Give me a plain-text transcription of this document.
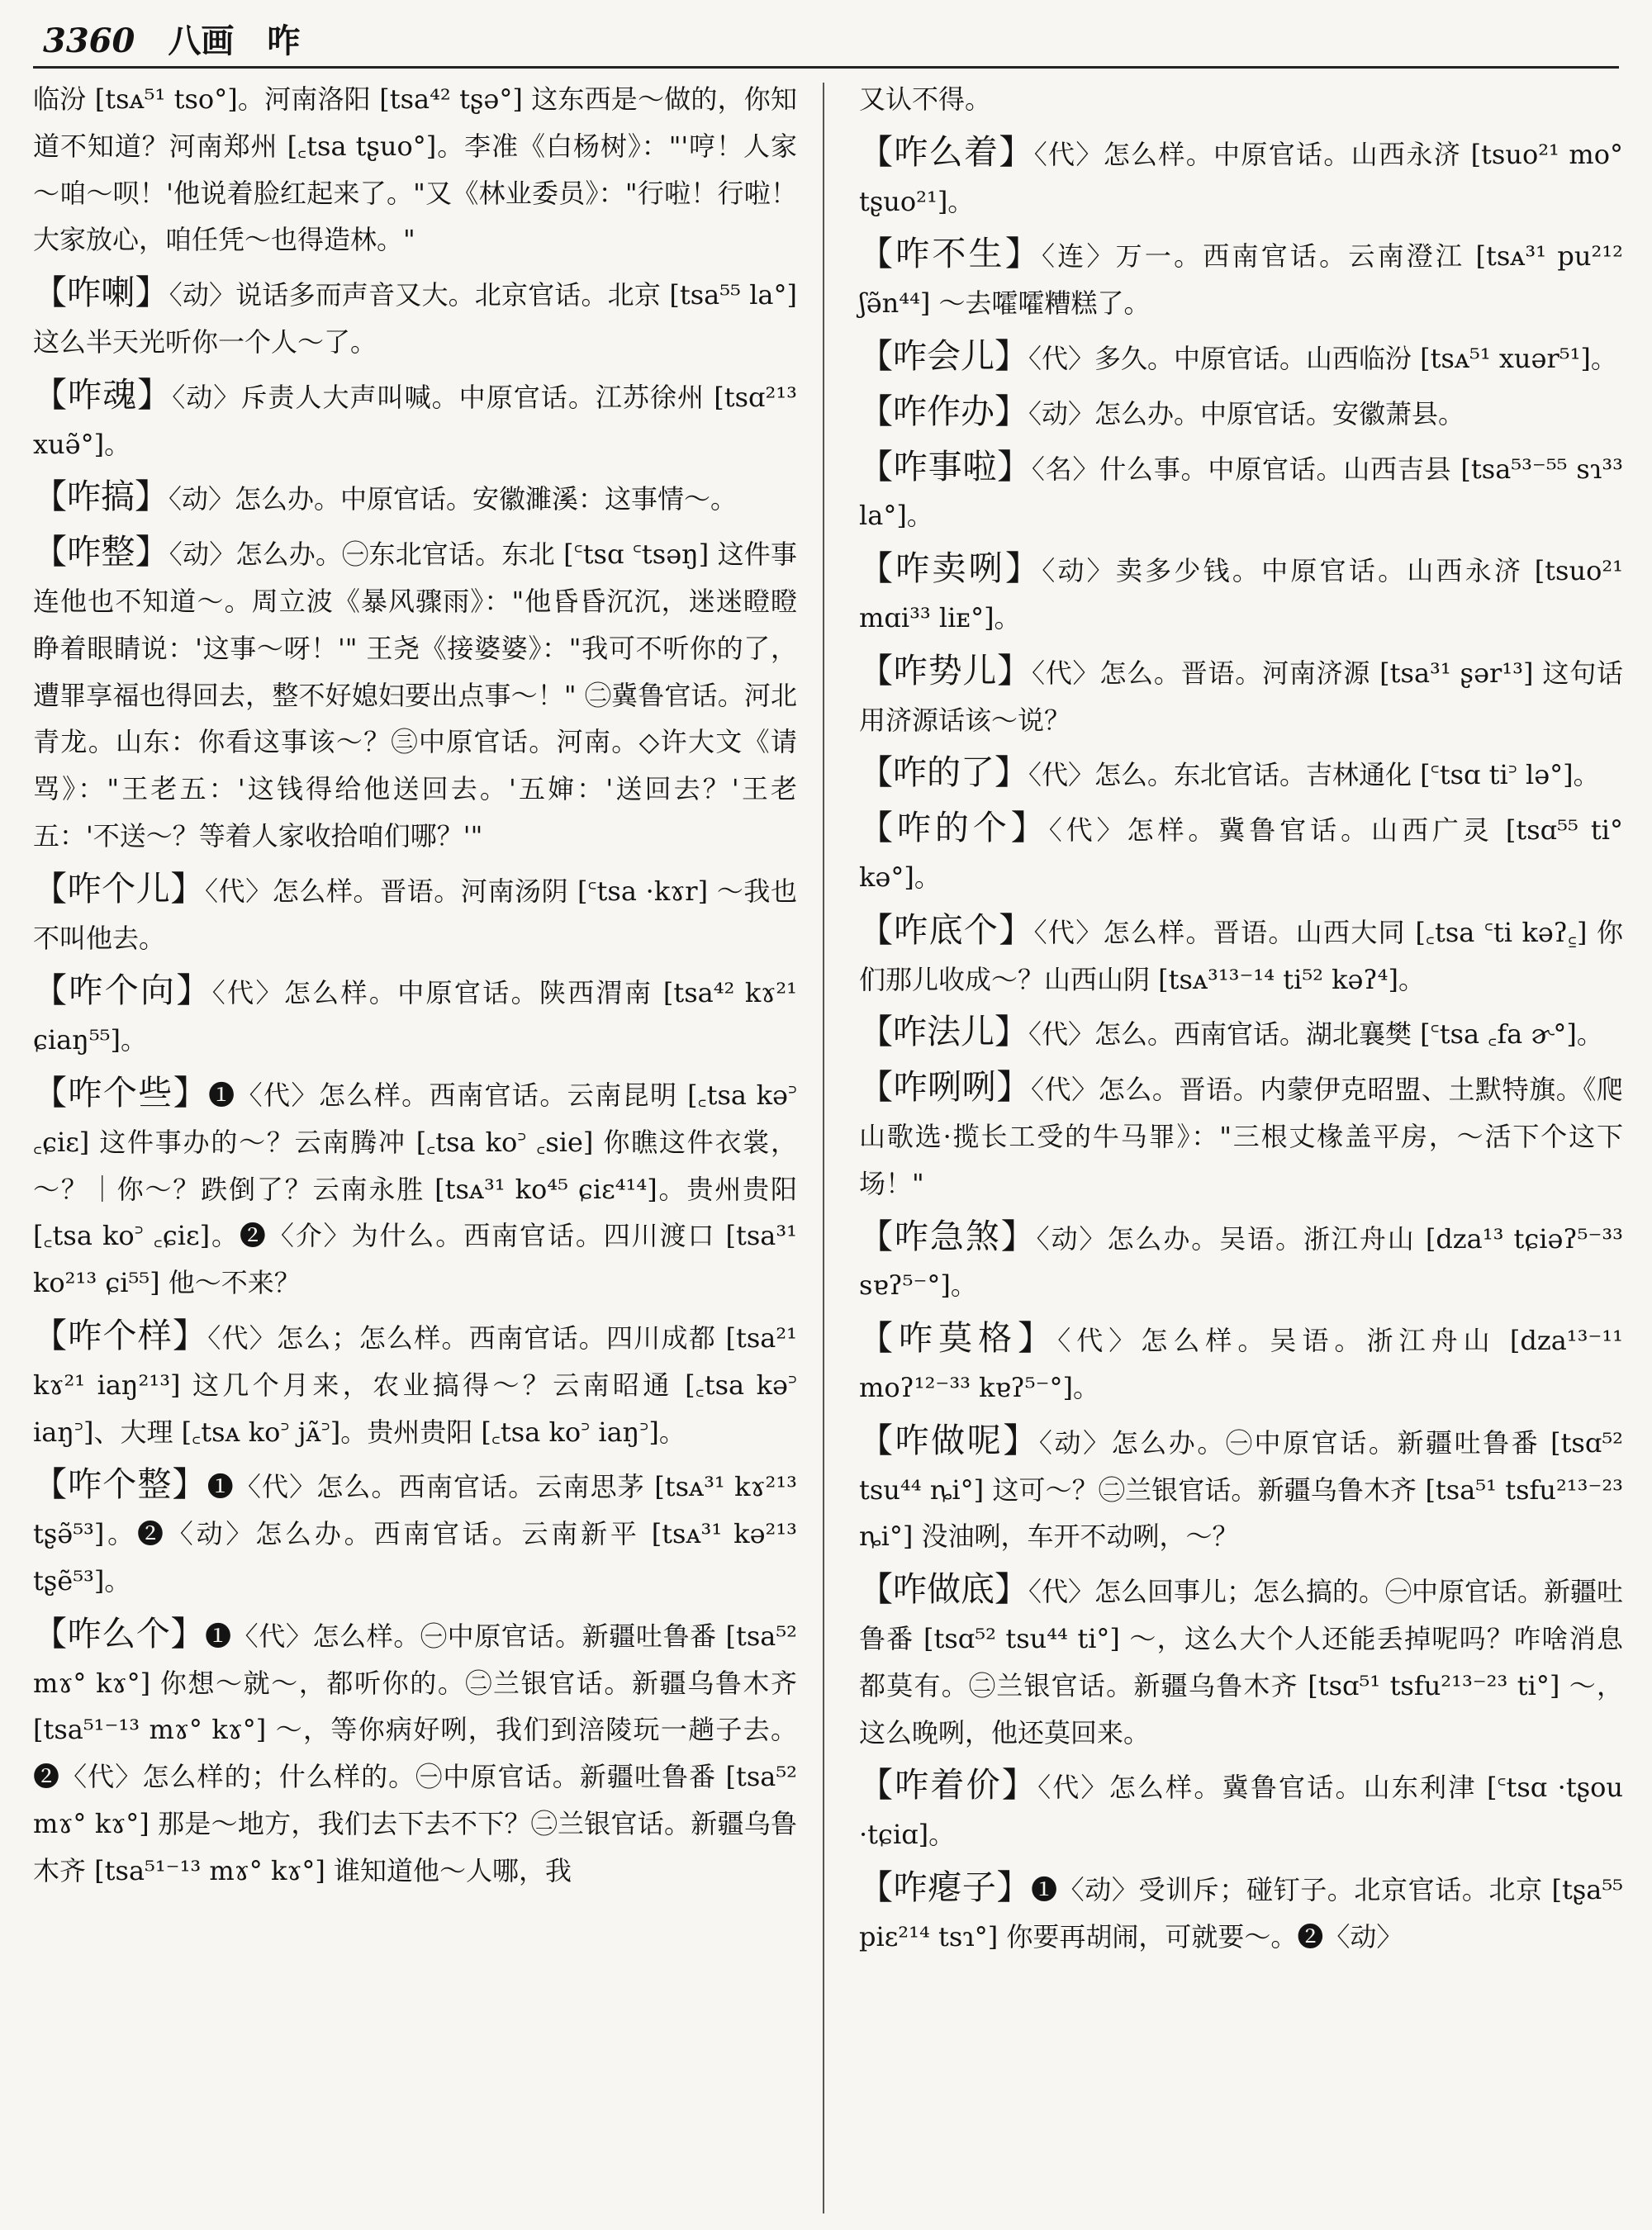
3360 八画 咋
临汾 [tsᴀ⁵¹ tso°]。河南洛阳 [tsa⁴² tʂə°] 这东西是～做的，你知道不知道？河南郑州 [꜀tsa tʂuo°]。李准《白杨树》："'哼！人家～咱～呗！'他说着脸红起来了。"又《林业委员》："行啦！行啦！大家放心，咱任凭～也得造林。"
【咋喇】〈动〉说话多而声音又大。北京官话。北京 [tsa⁵⁵ la°] 这么半天光听你一个人～了。
【咋魂】〈动〉斥责人大声叫喊。中原官话。江苏徐州 [tsɑ²¹³ xuə̃°]。
【咋搞】〈动〉怎么办。中原官话。安徽濉溪：这事情～。
【咋整】〈动〉怎么办。㊀东北官话。东北 [꜂tsɑ ꜂tsəŋ] 这件事连他也不知道～。周立波《暴风骤雨》："他昏昏沉沉，迷迷瞪瞪睁着眼睛说：'这事～呀！'" 王尧《接婆婆》："我可不听你的了，遭罪享福也得回去，整不好媳妇要出点事～！" ㊁冀鲁官话。河北青龙。山东：你看这事该～？㊂中原官话。河南。◇许大文《请骂》："王老五：'这钱得给他送回去。'五婶：'送回去？'王老五：'不送～？等着人家收拾咱们哪？'"
【咋个儿】〈代〉怎么样。晋语。河南汤阴 [꜂tsa ·kɤr] ～我也不叫他去。
【咋个向】〈代〉怎么样。中原官话。陕西渭南 [tsa⁴² kɤ²¹ ɕiaŋ⁵⁵]。
【咋个些】❶〈代〉怎么样。西南官话。云南昆明 [꜀tsa kə꜄ ꜀ɕiɛ] 这件事办的～？云南腾冲 [꜀tsa ko꜄ ꜀sie] 你瞧这件衣裳，～？｜你～？跌倒了？云南永胜 [tsᴀ³¹ ko⁴⁵ ɕiɛ⁴¹⁴]。贵州贵阳 [꜀tsa ko꜄ ꜀ɕiɛ]。❷〈介〉为什么。西南官话。四川渡口 [tsa³¹ ko²¹³ ɕi⁵⁵] 他～不来？
【咋个样】〈代〉怎么；怎么样。西南官话。四川成都 [tsa²¹ kɤ²¹ iaŋ²¹³] 这几个月来，农业搞得～？云南昭通 [꜀tsa kə꜄ iaŋ꜄]、大理 [꜀tsᴀ ko꜄ jᴀ̃꜄]。贵州贵阳 [꜀tsa ko꜄ iaŋ꜄]。
【咋个整】❶〈代〉怎么。西南官话。云南思茅 [tsᴀ³¹ kɤ²¹³ tʂə̃⁵³]。❷〈动〉怎么办。西南官话。云南新平 [tsᴀ³¹ kə²¹³ tʂẽ⁵³]。
【咋么个】❶〈代〉怎么样。㊀中原官话。新疆吐鲁番 [tsa⁵² mɤ° kɤ°] 你想～就～，都听你的。㊁兰银官话。新疆乌鲁木齐 [tsa⁵¹⁻¹³ mɤ° kɤ°] ～，等你病好咧，我们到涪陵玩一趟子去。❷〈代〉怎么样的；什么样的。㊀中原官话。新疆吐鲁番 [tsa⁵² mɤ° kɤ°] 那是～地方，我们去下去不下？㊁兰银官话。新疆乌鲁木齐 [tsa⁵¹⁻¹³ mɤ° kɤ°] 谁知道他～人哪，我
又认不得。
【咋么着】〈代〉怎么样。中原官话。山西永济 [tsuo²¹ mo° tʂuo²¹]。
【咋不生】〈连〉万一。西南官话。云南澄江 [tsᴀ³¹ pu²¹² ʃə̃n⁴⁴] ～去嚯嚯糟糕了。
【咋会儿】〈代〉多久。中原官话。山西临汾 [tsᴀ⁵¹ xuər⁵¹]。
【咋作办】〈动〉怎么办。中原官话。安徽萧县。
【咋事啦】〈名〉什么事。中原官话。山西吉县 [tsa⁵³⁻⁵⁵ sɿ³³ la°]。
【咋卖咧】〈动〉卖多少钱。中原官话。山西永济 [tsuo²¹ mɑi³³ liᴇ°]。
【咋势儿】〈代〉怎么。晋语。河南济源 [tsa³¹ ʂər¹³] 这句话用济源话该～说？
【咋的了】〈代〉怎么。东北官话。吉林通化 [꜂tsɑ ti꜄ lə°]。
【咋的个】〈代〉怎样。冀鲁官话。山西广灵 [tsɑ⁵⁵ ti° kə°]。
【咋底个】〈代〉怎么样。晋语。山西大同 [꜀tsa ꜂ti kəʔ꜁] 你们那儿收成～？山西山阴 [tsᴀ³¹³⁻¹⁴ ti⁵² kəʔ⁴]。
【咋法儿】〈代〉怎么。西南官话。湖北襄樊 [꜂tsa ꜀fa ɚ°]。
【咋咧咧】〈代〉怎么。晋语。内蒙伊克昭盟、土默特旗。《爬山歌选·揽长工受的牛马罪》："三根丈椽盖平房，～活下个这下场！"
【咋急煞】〈动〉怎么办。吴语。浙江舟山 [dza¹³ tɕiəʔ⁵⁻³³ sɐʔ⁵⁻°]。
【咋莫格】〈代〉怎么样。吴语。浙江舟山 [dza¹³⁻¹¹ moʔ¹²⁻³³ kɐʔ⁵⁻°]。
【咋做呢】〈动〉怎么办。㊀中原官话。新疆吐鲁番 [tsɑ⁵² tsu⁴⁴ ȵi°] 这可～？㊁兰银官话。新疆乌鲁木齐 [tsa⁵¹ tsfu²¹³⁻²³ ȵi°] 没油咧，车开不动咧，～？
【咋做底】〈代〉怎么回事儿；怎么搞的。㊀中原官话。新疆吐鲁番 [tsɑ⁵² tsu⁴⁴ ti°] ～，这么大个人还能丢掉呢吗？咋啥消息都莫有。㊁兰银官话。新疆乌鲁木齐 [tsɑ⁵¹ tsfu²¹³⁻²³ ti°] ～，这么晚咧，他还莫回来。
【咋着价】〈代〉怎么样。冀鲁官话。山东利津 [꜂tsɑ ·tʂou ·tɕiɑ]。
【咋瘪子】❶〈动〉受训斥；碰钉子。北京官话。北京 [tʂa⁵⁵ piɛ²¹⁴ tsɿ°] 你要再胡闹，可就要～。❷〈动〉
